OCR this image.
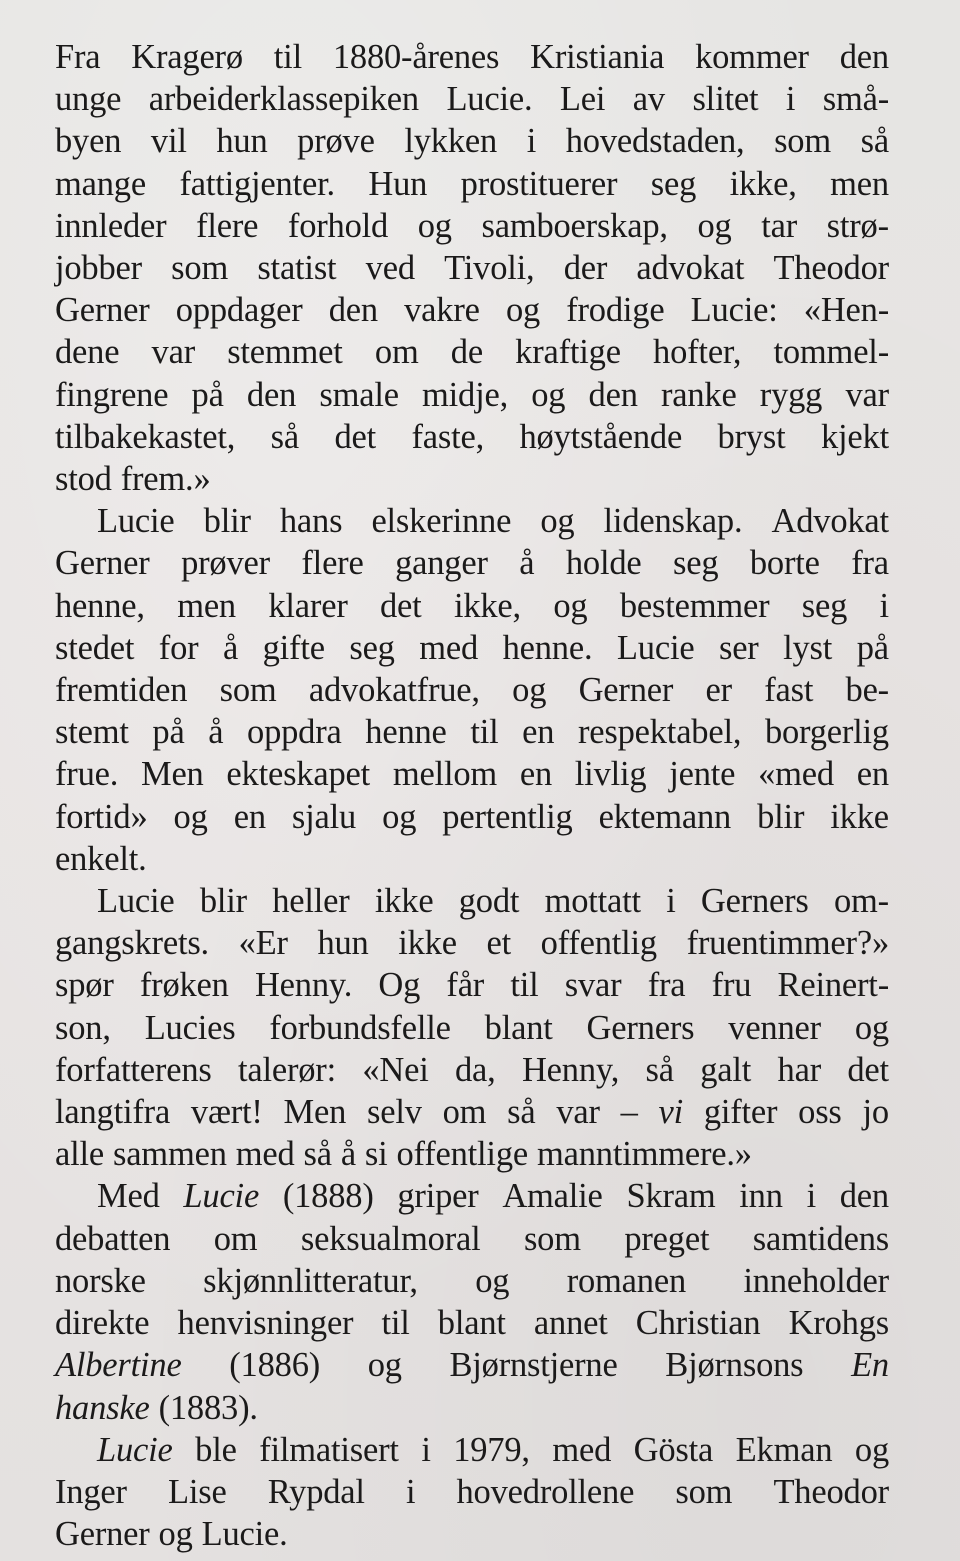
Fra Kragerø til 1880-årenes Kristiania kommer den
unge arbeiderklassepiken Lucie. Lei av slitet i små-
byen vil hun prøve lykken i hovedstaden, som så
mange fattigjenter. Hun prostituerer seg ikke, men
innleder flere forhold og samboerskap, og tar strø-
jobber som statist ved Tivoli, der advokat Theodor
Gerner oppdager den vakre og frodige Lucie: «Hen-
dene var stemmet om de kraftige hofter, tommel-
fingrene på den smale midje, og den ranke rygg var
tilbakekastet, så det faste, høytstående bryst kjekt
stod frem.»
Lucie blir hans elskerinne og lidenskap. Advokat
Gerner prøver flere ganger å holde seg borte fra
henne, men klarer det ikke, og bestemmer seg i
stedet for å gifte seg med henne. Lucie ser lyst på
fremtiden som advokatfrue, og Gerner er fast be-
stemt på å oppdra henne til en respektabel, borgerlig
frue. Men ekteskapet mellom en livlig jente «med en
fortid» og en sjalu og pertentlig ektemann blir ikke
enkelt.
Lucie blir heller ikke godt mottatt i Gerners om-
gangskrets. «Er hun ikke et offentlig fruentimmer?»
spør frøken Henny. Og får til svar fra fru Reinert-
son, Lucies forbundsfelle blant Gerners venner og
forfatterens talerør: «Nei da, Henny, så galt har det
langtifra vært! Men selv om så var – vi gifter oss jo
alle sammen med så å si offentlige manntimmere.»
Med Lucie (1888) griper Amalie Skram inn i den
debatten om seksualmoral som preget samtidens
norske skjønnlitteratur, og romanen inneholder
direkte henvisninger til blant annet Christian Krohgs
Albertine (1886) og Bjørnstjerne Bjørnsons En
hanske (1883).
Lucie ble filmatisert i 1979, med Gösta Ekman og
Inger Lise Rypdal i hovedrollene som Theodor
Gerner og Lucie.
